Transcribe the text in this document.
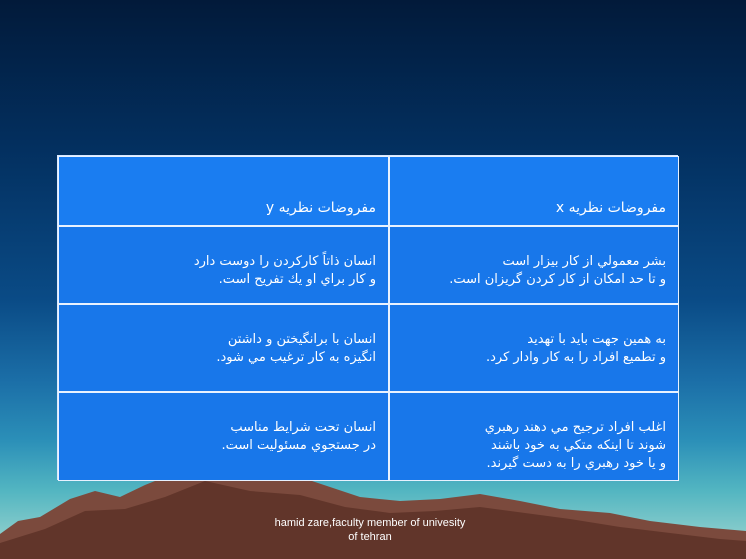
مفروضات نظریه x

مفروضات نظریه y

بشر معمولي از كار بيزار است
و تا حد امكان از كار كردن گريزان است.

انسان ذاتاً كاركردن را دوست دارد
و كار براي او يك تفريح است.

به همين جهت بايد با تهديد
و تطميع افراد را به كار وادار كرد.

انسان با برانگيختن و داشتن
انگيزه به كار ترغيب مي شود.

اغلب افراد ترجيح مي دهند رهبري
شوند تا اينكه متكي به خود باشند
و يا خود رهبري را به دست گيرند.

انسان تحت شرايط مناسب
در جستجوي مسئوليت است.

hamid zare,faculty member of univesity
of tehran
